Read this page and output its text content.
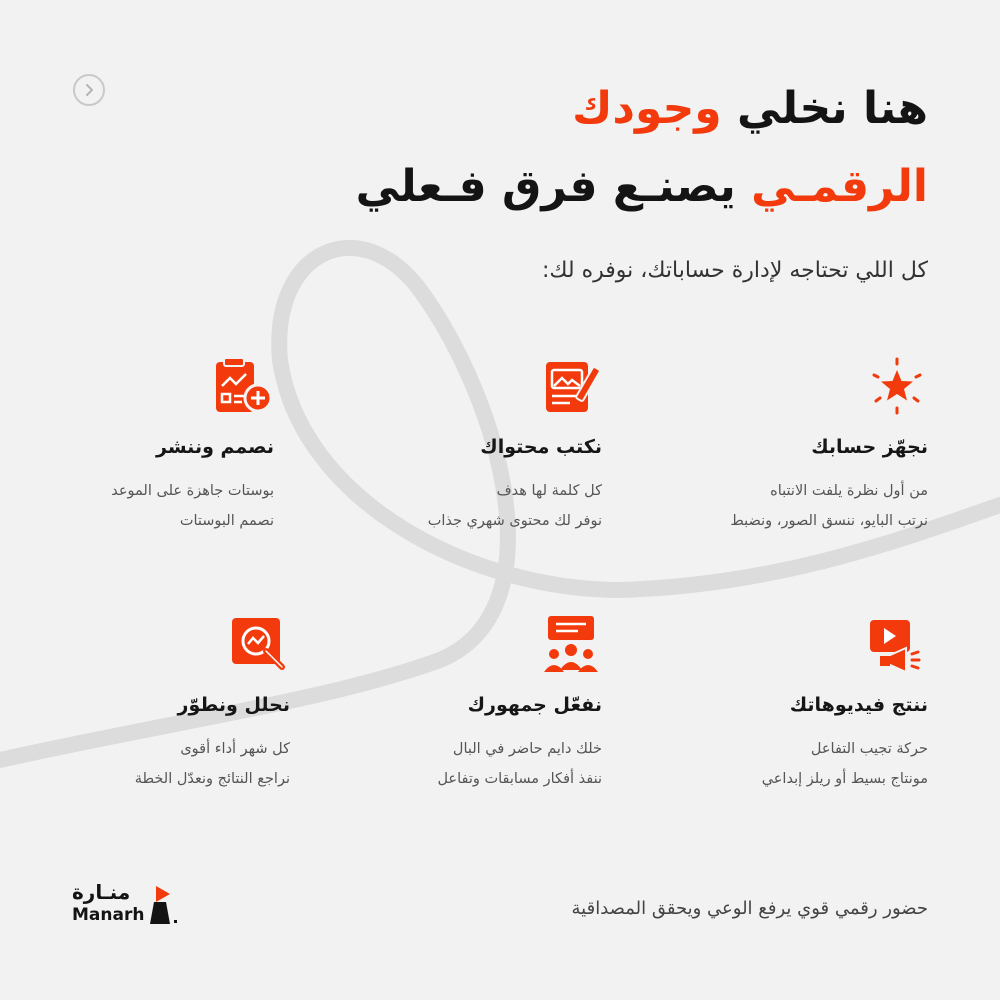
هنا نخلي وجودك
الرقمـي يصنـع فرق فـعلي
كل اللي تحتاجه لإدارة حساباتك، نوفره لك:
نجهّز حسابك

من أول نظرة يلفت الانتباه

نرتب البايو، ننسق الصور، ونضبط

نكتب محتواك

كل كلمة لها هدف

نوفر لك محتوى شهري جذاب

نصمم وننشر

بوستات جاهزة على الموعد

نصمم البوستات

ننتج فيديوهاتك

حركة تجيب التفاعل

مونتاج بسيط أو ريلز إبداعي

نفعّل جمهورك

خلك دايم حاضر في البال

ننفذ أفكار مسابقات وتفاعل

نحلل ونطوّر

كل شهر أداء أقوى

نراجع النتائج ونعدّل الخطة

حضور رقمي قوي يرفع الوعي ويحقق المصداقية
منـارة
Manarh
